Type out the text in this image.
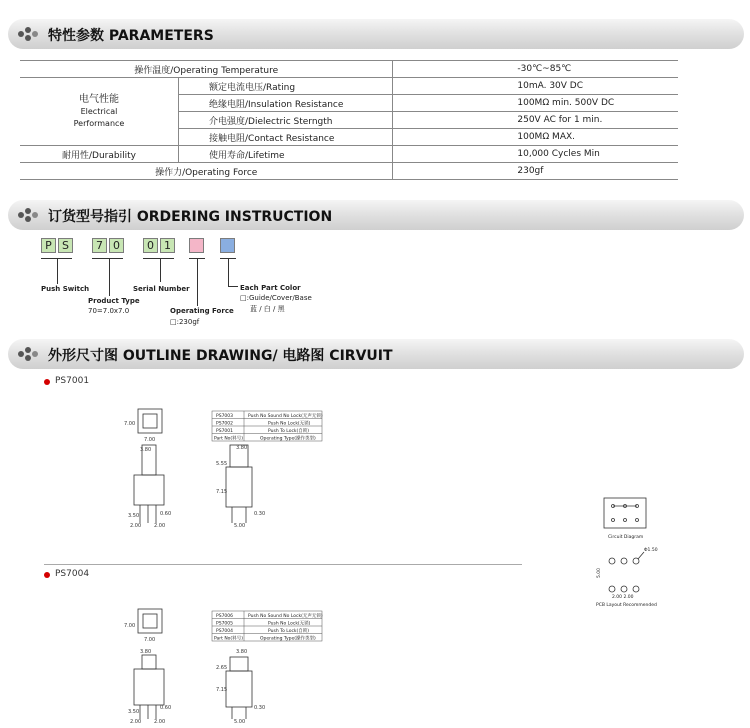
特性参数 PARAMETERS
订货型号指引 ORDERING INSTRUCTION
外形尺寸图 OUTLINE DRAWING/ 电路图 CIRVUIT
操作温度/Operating Temperature		-30℃~85℃

电气性能
Electrical
Performance	额定电流电压/Rating	10mA. 30V DC
	绝缘电阻/Insulation Resistance	100MΩ min. 500V DC
	介电强度/Dielectric Sterngth	250V AC for 1 min.
	接触电阻/Contact Resistance	100MΩ MAX.
耐用性/Durability	使用寿命/Lifetime	10,000 Cycles Min
操作力/Operating Force		230gf
P S	7 0	0 1
Push Switch
Product Type
70=7.0x7.0
Serial Number
Operating Force
□:230gf
Each Part Color
□:Guide/Cover/Base
蓝 / 白 / 黑
PS7001
PS7004
7.00
7.00
3.80	3.80
5.55
7.15
3.50	0.60
2.00	2.00
0.30
5.00
PS7003	Push No Sound No Lock(无声无锁)
PS7002	Push No Lock(无锁)
PS7001	Push To Lock(自锁)
Part No(料号)	Operating Type(操作类型)
7.00
7.00
3.80	3.80
2.65
7.15
3.50
0.60
2.00	2.00
0.30
5.00
PS7006	Push No Sound No Lock(无声无锁)
PS7005	Push No Lock(无锁)
PS7004	Push To Lock(自锁)
Part No(料号)	Operating Type(操作类型)
Circuit Diagram
Φ1.50
5.00
2.00 2.00
PCB Layout Recommended
